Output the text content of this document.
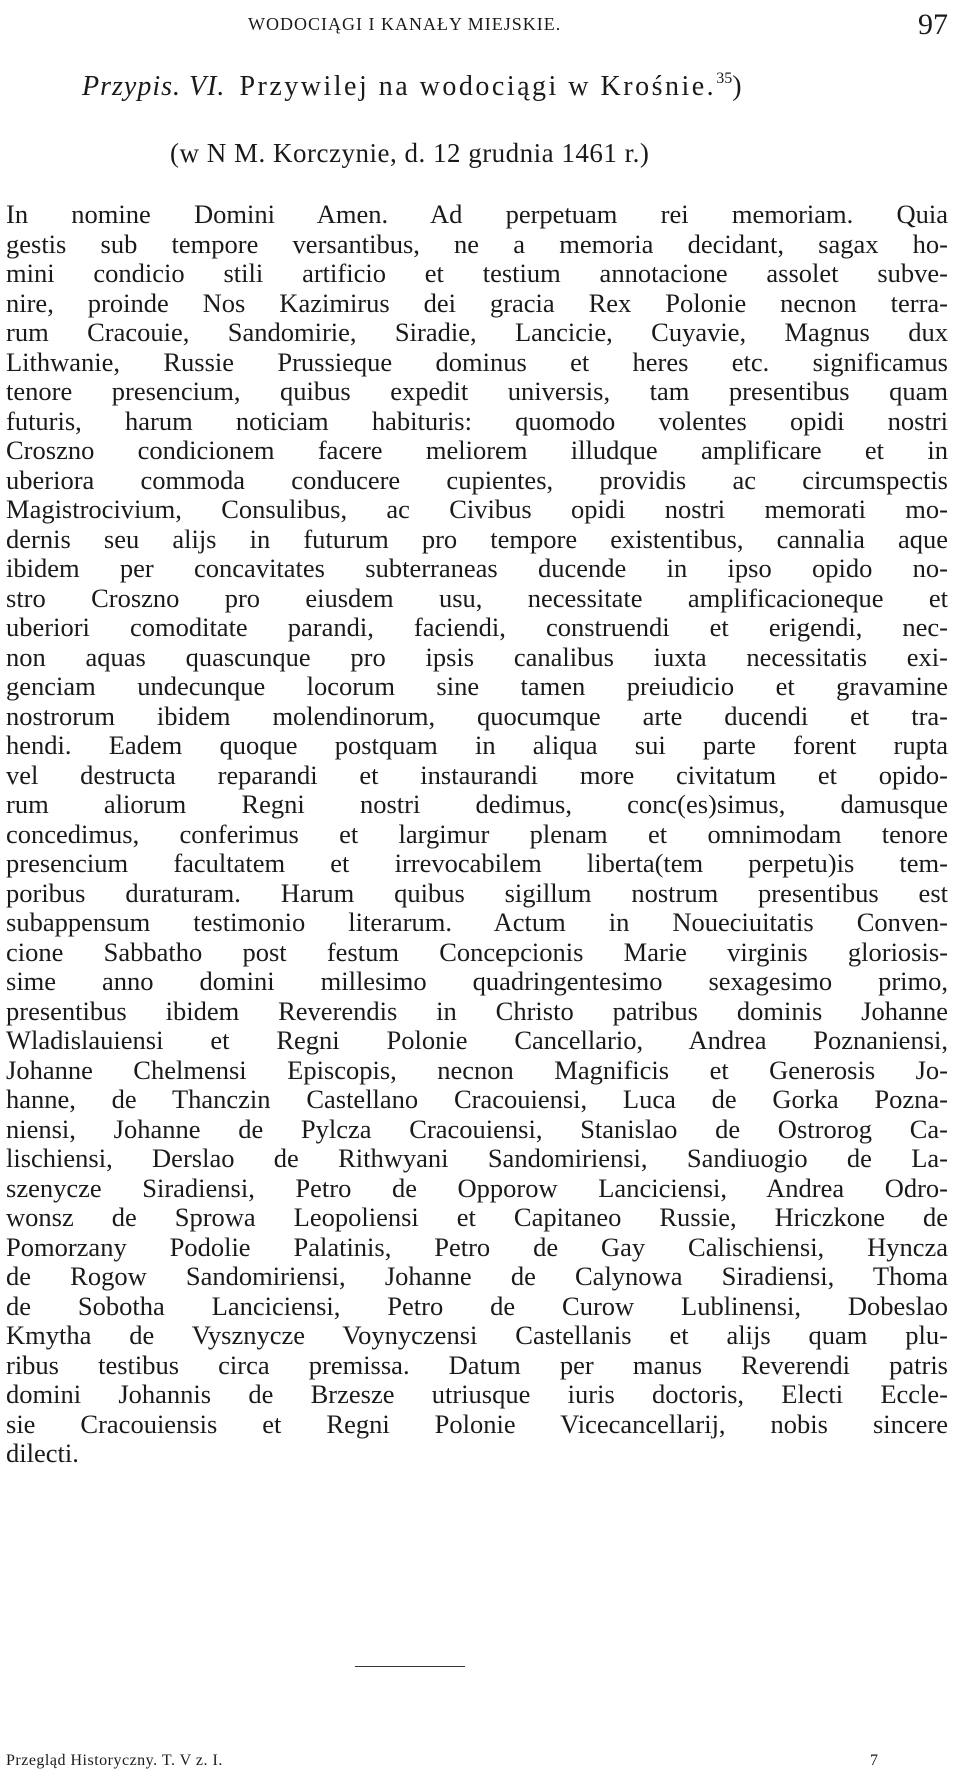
WODOCIĄGI I KANAŁY MIEJSKIE.	97
Przypis. VI. Przywilej na wodociągi w Krośnie.$^{35}$)
(w N M. Korczynie, d. 12 grudnia 1461 r.)
In nomine Domini Amen. Ad perpetuam rei memoriam. Quia
gestis sub tempore versantibus, ne a memoria decidant, sagax ho-
mini condicio stili artificio et testium annotacione assolet subve-
nire, proinde Nos Kazimirus dei gracia Rex Polonie necnon terra-
rum Cracouie, Sandomirie, Siradie, Lancicie, Cuyavie, Magnus dux
Lithwanie, Russie Prussieque dominus et heres etc. significamus
tenore presencium, quibus expedit universis, tam presentibus quam
futuris, harum noticiam habituris: quomodo volentes opidi nostri
Croszno condicionem facere meliorem illudque amplificare et in
uberiora commoda conducere cupientes, providis ac circumspectis
Magistrocivium, Consulibus, ac Civibus opidi nostri memorati mo-
dernis seu alijs in futurum pro tempore existentibus, cannalia aque
ibidem per concavitates subterraneas ducende in ipso opido no-
stro Croszno pro eiusdem usu, necessitate amplificacioneque et
uberiori comoditate parandi, faciendi, construendi et erigendi, nec-
non aquas quascunque pro ipsis canalibus iuxta necessitatis exi-
genciam undecunque locorum sine tamen preiudicio et gravamine
nostrorum ibidem molendinorum, quocumque arte ducendi et tra-
hendi. Eadem quoque postquam in aliqua sui parte forent rupta
vel destructa reparandi et instaurandi more civitatum et opido-
rum aliorum Regni nostri dedimus, conc(es)simus, damusque
concedimus, conferimus et largimur plenam et omnimodam tenore
presencium facultatem et irrevocabilem liberta(tem perpetu)is tem-
poribus duraturam. Harum quibus sigillum nostrum presentibus est
subappensum testimonio literarum. Actum in Noueciuitatis Conven-
cione Sabbatho post festum Concepcionis Marie virginis gloriosis-
sime anno domini millesimo quadringentesimo sexagesimo primo,
presentibus ibidem Reverendis in Christo patribus dominis Johanne
Wladislauiensi et Regni Polonie Cancellario, Andrea Poznaniensi,
Johanne Chelmensi Episcopis, necnon Magnificis et Generosis Jo-
hanne, de Thanczin Castellano Cracouiensi, Luca de Gorka Pozna-
niensi, Johanne de Pylcza Cracouiensi, Stanislao de Ostrorog Ca-
lischiensi, Derslao de Rithwyani Sandomiriensi, Sandiuogio de La-
szenycze Siradiensi, Petro de Opporow Lanciciensi, Andrea Odro-
wonsz de Sprowa Leopoliensi et Capitaneo Russie, Hriczkone de
Pomorzany Podolie Palatinis, Petro de Gay Calischiensi, Hyncza
de Rogow Sandomiriensi, Johanne de Calynowa Siradiensi, Thoma
de Sobotha Lanciciensi, Petro de Curow Lublinensi, Dobeslao
Kmytha de Vysznycze Voynyczensi Castellanis et alijs quam plu-
ribus testibus circa premissa. Datum per manus Reverendi patris
domini Johannis de Brzesze utriusque iuris doctoris, Electi Eccle-
sie Cracouiensis et Regni Polonie Vicecancellarij, nobis sincere
dilecti.
Przegląd Historyczny. T. V z. I.	7
